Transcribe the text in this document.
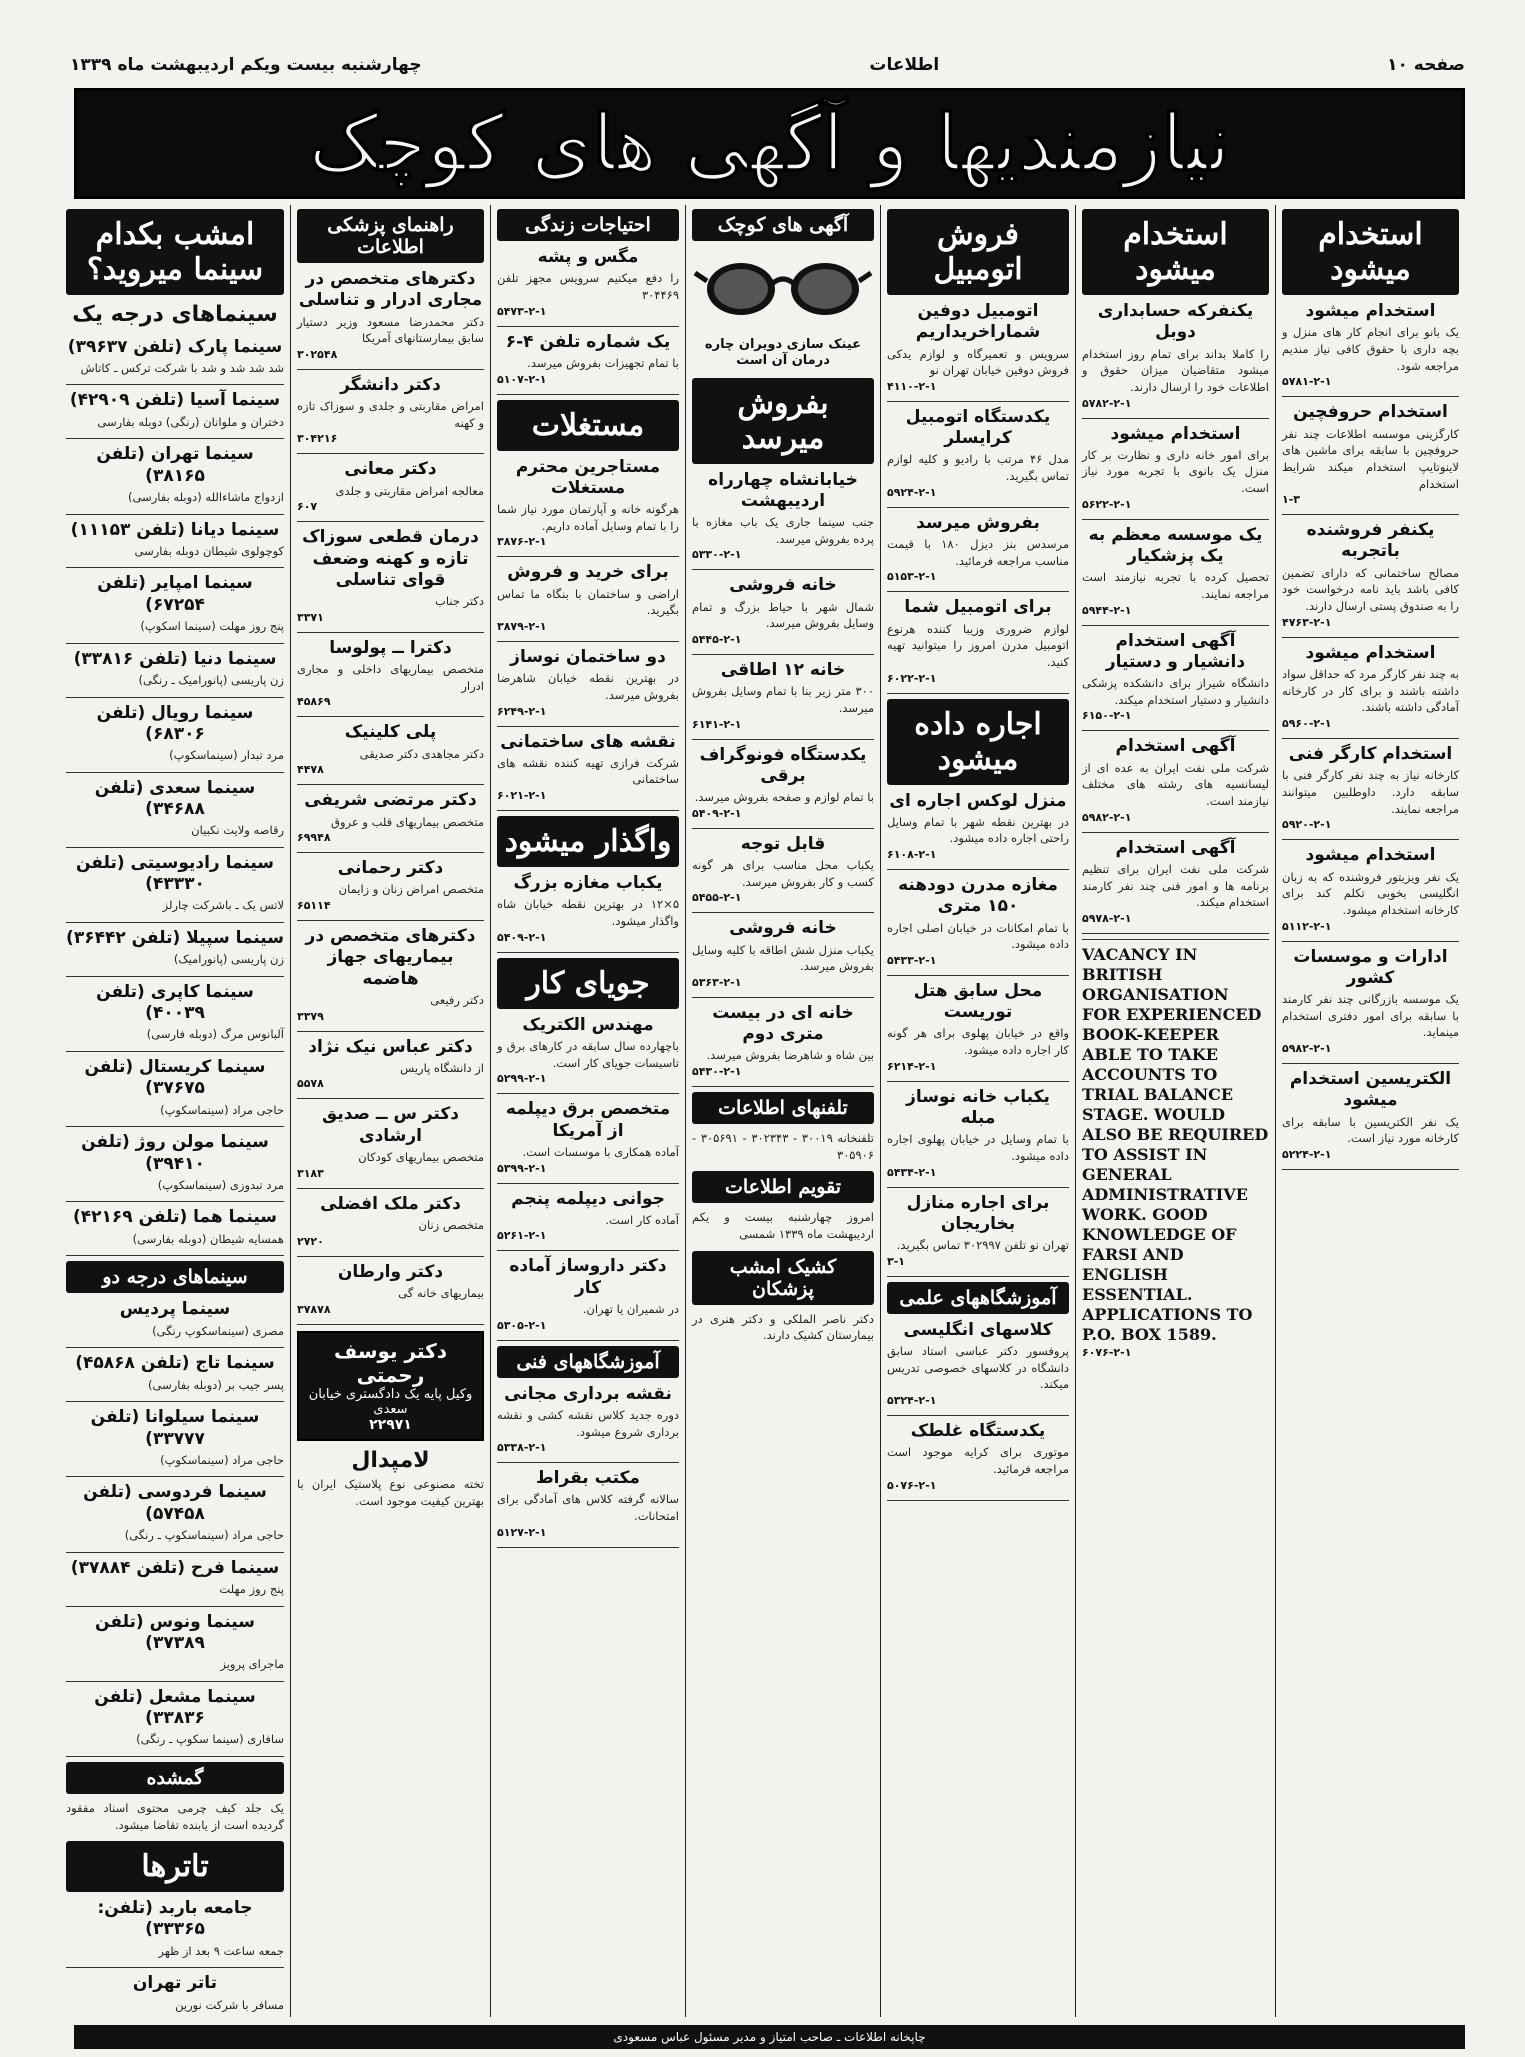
صفحه ۱۰
اطلاعات
چهارشنبه بیست ویکم اردیبهشت ماه ۱۳۳۹
نیازمندیها و آگهی های کوچک
استخدام میشود
استخدام میشود
یک بانو برای انجام کار های منزل و بچه داری با حقوق کافی نیاز مندیم مراجعه شود.
۵۷۸۱-۲-۱
استخدام حروفچین
کارگزینی موسسه اطلاعات چند نفر حروفچین با سابقه برای ماشین های لاینوتایپ استخدام میکند شرایط استخدام
۱-۳
یکنفر فروشنده باتجربه
مصالح ساختمانی که دارای تضمین کافی باشد باید نامه درخواست خود را به صندوق پستی ارسال دارند.
۴۷۶۳-۲-۱
استخدام میشود
به چند نفر کارگر مرد که حداقل سواد داشته باشند و برای کار در کارخانه آمادگی داشته باشند.
۵۹۶۰-۲-۱
استخدام کارگر فنی
کارخانه نیاز به چند نفر کارگر فنی با سابقه دارد. داوطلبین میتوانند مراجعه نمایند.
۵۹۲۰-۲-۱
استخدام میشود
یک نفر ویزیتور فروشنده که به زبان انگلیسی بخوبی تکلم کند برای کارخانه استخدام میشود.
۵۱۱۲-۲-۱
ادارات و موسسات کشور
یک موسسه بازرگانی چند نفر کارمند با سابقه برای امور دفتری استخدام مینماید.
۵۹۸۲-۲-۱
الکتریسین استخدام میشود
یک نفر الکتریسین با سابقه برای کارخانه مورد نیاز است.
۵۲۲۴-۲-۱
استخدام میشود
یکنفرکه حسابداری دوبل
را کاملا بداند برای تمام روز استخدام میشود متقاضیان میزان حقوق و اطلاعات خود را ارسال دارند.
۵۷۸۲-۲-۱
استخدام میشود
برای امور خانه داری و نظارت بر کار منزل یک بانوی با تجربه مورد نیاز است.
۵۶۲۲-۲-۱
یک موسسه معظم به یک پزشکیار
تحصیل کرده با تجربه نیازمند است مراجعه نمایند.
۵۹۴۴-۲-۱
آگهی استخدام دانشیار و دستیار
دانشگاه شیراز برای دانشکده پزشکی دانشیار و دستیار استخدام میکند.
۶۱۵۰-۲-۱
آگهی استخدام
شرکت ملی نفت ایران به عده ای از لیسانسیه های رشته های مختلف نیازمند است.
۵۹۸۲-۲-۱
آگهی استخدام
شرکت ملی نفت ایران برای تنظیم برنامه ها و امور فنی چند نفر کارمند استخدام میکند.
۵۹۷۸-۲-۱
VACANCY IN BRITISH ORGANISATION FOR EXPERIENCED BOOK-KEEPER ABLE TO TAKE ACCOUNTS TO TRIAL BALANCE STAGE. WOULD ALSO BE REQUIRED TO ASSIST IN GENERAL ADMINISTRATIVE WORK. GOOD KNOWLEDGE OF FARSI AND ENGLISH ESSENTIAL. APPLICATIONS TO P.O. BOX 1589.
۶۰۷۶-۲-۱
فروش اتومبیل
اتومبیل دوفین شماراخریداریم
سرویس و تعمیرگاه و لوازم یدکی فروش دوفین خیابان تهران نو
۴۱۱۰-۲-۱
یکدستگاه اتومبیل کرایسلر
مدل ۴۶ مرتب با رادیو و کلیه لوازم تماس بگیرید.
۵۹۲۴-۲-۱
بفروش میرسد
مرسدس بنز دیزل ۱۸۰ با قیمت مناسب مراجعه فرمائید.
۵۱۵۳-۲-۱
برای اتومبیل شما
لوازم ضروری وزیبا کننده هرنوع اتومبیل مدرن امروز را میتوانید تهیه کنید.
۶۰۲۲-۲-۱
اجاره داده میشود
منزل لوکس اجاره ای
در بهترین نقطه شهر با تمام وسایل راحتی اجاره داده میشود.
۶۱۰۸-۲-۱
مغازه مدرن دودهنه ۱۵۰ متری
با تمام امکانات در خیابان اصلی اجاره داده میشود.
۵۴۳۳-۲-۱
محل سابق هتل توریست
واقع در خیابان پهلوی برای هر گونه کار اجاره داده میشود.
۶۲۱۴-۲-۱
یکباب خانه نوساز مبله
با تمام وسایل در خیابان پهلوی اجاره داده میشود.
۵۴۳۴-۲-۱
برای اجاره منازل بخاریجان
تهران نو تلفن ۳۰۲۹۹۷ تماس بگیرید.
۳-۱
آموزشگاههای علمی
کلاسهای انگلیسی
پروفسور دکتر عباسی استاد سابق دانشگاه در کلاسهای خصوصی تدریس میکند.
۵۳۲۴-۲-۱
یکدستگاه غلطک
موتوری برای کرایه موجود است مراجعه فرمائید.
۵۰۷۶-۲-۱
آگهی های کوچک
عینک سازی دویران چاره درمان آن است
بفروش میرسد
خیابانشاه چهارراه اردیبهشت
جنب سینما جاری یک باب مغازه با پرده بفروش میرسد.
۵۳۳۰-۲-۱
خانه فروشی
شمال شهر با حیاط بزرگ و تمام وسایل بفروش میرسد.
۵۴۴۵-۲-۱
خانه ۱۲ اطاقی
۳۰۰ متر زیر بنا با تمام وسایل بفروش میرسد.
۶۱۴۱-۲-۱
یکدستگاه فونوگراف برقی
با تمام لوازم و صفحه بفروش میرسد.
۵۴۰۹-۲-۱
قابل توجه
یکباب محل مناسب برای هر گونه کسب و کار بفروش میرسد.
۵۴۵۵-۲-۱
خانه فروشی
یکباب منزل شش اطاقه با کلیه وسایل بفروش میرسد.
۵۳۶۳-۲-۱
خانه ای در بیست متری دوم
بین شاه و شاهرضا بفروش میرسد.
۵۴۳۰-۲-۱
تلفنهای اطلاعات
تلفنخانه ۳۰۰۱۹ - ۳۰۲۳۴۳ - ۳۰۵۶۹۱ - ۳۰۵۹۰۶
تقویم اطلاعات
امروز چهارشنبه بیست و یکم اردیبهشت ماه ۱۳۳۹ شمسی
کشیک امشب پزشکان
دکتر ناصر الملکی و دکتر هنری در بیمارستان کشیک دارند.
احتیاجات زندگی
مگس و پشه
را دفع میکنیم سرویس مجهز تلفن ۳۰۴۴۶۹
۵۴۷۳-۲-۱
یک شماره تلفن ۴-۶
با تمام تجهیزات بفروش میرسد.
۵۱۰۷-۲-۱
مستغلات
مستاجرین محترم مستغلات
هرگونه خانه و آپارتمان مورد نیاز شما را با تمام وسایل آماده داریم.
۳۸۷۶-۲-۱
برای خرید و فروش
اراضی و ساختمان با بنگاه ما تماس بگیرید.
۳۸۷۹-۲-۱
دو ساختمان نوساز
در بهترین نقطه خیابان شاهرضا بفروش میرسد.
۶۲۴۹-۲-۱
نقشه های ساختمانی
شرکت فرازی تهیه کننده نقشه های ساختمانی
۶۰۲۱-۲-۱
واگذار میشود
یکباب مغازه بزرگ
۵×۱۲ در بهترین نقطه خیابان شاه واگذار میشود.
۵۴۰۹-۲-۱
جویای کار
مهندس الکتریک
باچهارده سال سابقه در کارهای برق و تاسیسات جویای کار است.
۵۲۹۹-۲-۱
متخصص برق دیپلمه از آمریکا
آماده همکاری با موسسات است.
۵۳۹۹-۲-۱
جوانی دیپلمه پنجم
آماده کار است.
۵۲۶۱-۲-۱
دکتر داروساز آماده کار
در شمیران یا تهران.
۵۳۰۵-۲-۱
آموزشگاههای فنی
نقشه برداری مجانی
دوره جدید کلاس نقشه کشی و نقشه برداری شروع میشود.
۵۳۳۸-۲-۱
مکتب بقراط
سالانه گرفته کلاس های آمادگی برای امتحانات.
۵۱۲۷-۲-۱
راهنمای پزشکی اطلاعات
دکترهای متخصص در مجاری ادرار و تناسلی
دکتر محمدرضا مسعود وزیر دستیار سابق بیمارستانهای آمریکا
۳۰۲۵۴۸
دکتر دانشگر
امراض مقاربتی و جلدی و سوزاک تازه و کهنه
۳۰۴۲۱۶
دکتر معانی
معالجه امراض مقاربتی و جلدی
۶۰۷
درمان قطعی سوزاک تازه و کهنه وضعف قوای تناسلی
دکتر جناب
۳۳۷۱
دکترا ــ پولوسا
متخصص بیماریهای داخلی و مجاری ادرار
۴۵۸۶۹
پلی کلینیک
دکتر مجاهدی دکتر صدیقی
۴۴۷۸
دکتر مرتضی شریفی
متخصص بیماریهای قلب و عروق
۶۹۹۴۸
دکتر رحمانی
متخصص امراض زنان و زایمان
۶۵۱۱۴
دکترهای متخصص در بیماریهای جهاز هاضمه
دکتر رفیعی
۳۳۷۹
دکتر عباس نیک نژاد
از دانشگاه پاریس
۵۵۷۸
دکتر س ــ صدیق ارشادی
متخصص بیماریهای کودکان
۳۱۸۳
دکتر ملک افضلی
متخصص زنان
۲۷۲۰
دکتر وارطان
بیماریهای خانه گی
۳۷۸۷۸
دکتر یوسف رحمتی
وکیل پایه یک دادگستری خیابان سعدی
۲۲۹۷۱
لامپدال
تخته مصنوعی نوع پلاستیک ایران با بهترین کیفیت موجود است.
امشب بکدام سینما میروید؟
سینماهای درجه یک
سینما پارک (تلفن ۳۹۶۳۷)
شد شد شد و شد با شرکت ترکس ـ کاتاش
سینما آسیا (تلفن ۴۲۹۰۹)
دختران و ملوانان (رنگی) دوبله بفارسی
سینما تهران (تلفن ۳۸۱۶۵)
ازدواج ماشاءالله (دوبله بفارسی)
سینما دیانا (تلفن ۱۱۱۵۳)
کوچولوی شیطان دوبله بفارسی
سینما امپایر (تلفن ۶۷۲۵۴)
پنج روز مهلت (سینما اسکوپ)
سینما دنیا (تلفن ۳۳۸۱۶)
زن پاریسی (پانورامیک ـ رنگی)
سینما رویال (تلفن ۶۸۳۰۶)
مرد تبدار (سینماسکوپ)
سینما سعدی (تلفن ۳۴۶۸۸)
رقاصه ولایت نکبیان
سینما رادیوسیتی (تلفن ۴۳۳۳۰)
لاتس یک ـ باشرکت چارلز
سینما سپیلا (تلفن ۳۶۴۴۲)
زن پاریسی (پانورامیک)
سینما کاپری (تلفن ۴۰۰۳۹)
آلبانوس مرگ (دوبله فارسی)
سینما کریستال (تلفن ۳۷۶۷۵)
حاجی مراد (سینماسکوپ)
سینما مولن روژ (تلفن ۳۹۴۱۰)
مرد تبدوزی (سینماسکوپ)
سینما هما (تلفن ۴۲۱۶۹)
همسایه شیطان (دوبله بفارسی)
سینماهای درجه دو
سینما پردیس
مصری (سینماسکوپ رنگی)
سینما تاج (تلفن ۴۵۸۶۸)
پسر جیب بر (دوبله بفارسی)
سینما سیلوانا (تلفن ۳۳۷۷۷)
حاجی مراد (سینماسکوپ)
سینما فردوسی (تلفن ۵۷۴۵۸)
حاجی مراد (سینماسکوپ ـ رنگی)
سینما فرح (تلفن ۳۷۸۸۴)
پنج روز مهلت
سینما ونوس (تلفن ۳۷۳۸۹)
ماجرای پرویز
سینما مشعل (تلفن ۳۳۸۳۶)
سافاری (سینما سکوپ ـ رنگی)
گمشده
یک جلد کیف چرمی محتوی اسناد مفقود گردیده است از یابنده تقاضا میشود.
تاترها
جامعه باربد (تلفن: ۳۳۳۶۵)
جمعه ساعت ۹ بعد از ظهر
تاتر تهران
مسافر با شرکت نورین
چاپخانه اطلاعات ـ صاحب امتیاز و مدیر مسئول عباس مسعودی
